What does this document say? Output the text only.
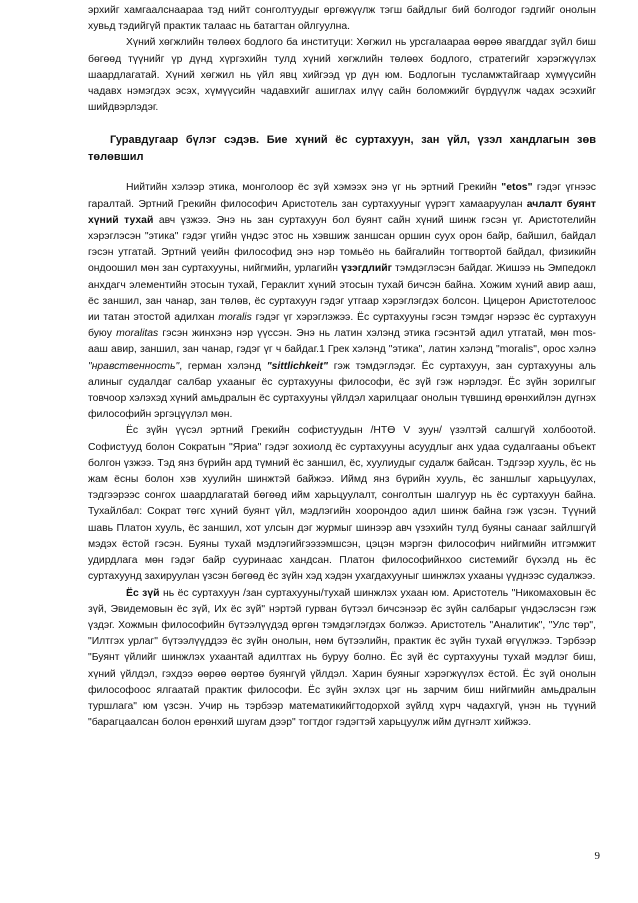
эрхийг хамгаалснаараа тэд нийт сонголтуудыг өргөжүүлж тэгш байдлыг бий болгодог гэдгийг онолын хувьд тэдийгүй практик талаас нь батагтан ойлгуулна.

Хүний хөгжлийн төлөөх бодлого ба институци: Хөгжил нь урсгалаараа өөрөө явагддаг зүйл биш бөгөөд түүнийг үр дүнд хүргэхийн тулд хүний хөгжлийн төлөөх бодлого, стратегийг хэрэгжүүлэх шаардлагатай. Хүний хөгжил нь үйл явц хийгээд үр дүн юм. Бодлогын тусламжтайгаар хүмүүсийн чадавх нэмэгдэх эсэх, хүмүүсийн чадавхийг ашиглах илүү сайн боломжийг бүрдүүлж чадах эсэхийг шийдвэрлэдэг.

Гуравдугаар бүлэг сэдэв. Бие хүний ёс суртахуун, зан үйл, үзэл хандлагын зөв төлөвшил

Нийтийн хэлээр этика, монголоор ёс зүй хэмээх энэ үг нь эртний Грекийн "etos" гэдэг үгнээс гаралтай. Эртний Грекийн философич Аристотель зан суртахууныг үүрэгт хамааруулан ачлалт буянт хүний тухай авч үзжээ. Энэ нь зан суртахуун бол буянт сайн хүний шинж гэсэн үг. Аристотелийн хэрэглэсэн "этика" гэдэг үгийн үндэс этос нь хэвшиж заншсан оршин суух орон байр, байшил, байдал гэсэн утгатай. Эртний үеийн философид энэ нэр томьёо нь байгалийн тогтвортой байдал, физикийн ондоошил мөн зан суртахууны, нийгмийн, урлагийн үзэгдлийг тэмдэглэсэн байдаг. Жишээ нь Эмпедокл анхдагч элементийн этосын тухай, Гераклит хүний этосын тухай бичсэн байна. Хожим хүний авир ааш, ёс заншил, зан чанар, зан төлөв, ёс суртахуун гэдэг утгаар хэрэглэгдэх болсон. Цицерон Аристотелоос ии татан этостой адилхан moralis гэдэг үг хэрэглэжээ. Ёс суртахууны гэсэн тэмдэг нэрээс ёс суртахуун буюу moralitas гэсэн жинхэнэ нэр үүссэн. Энэ нь латин хэлэнд этика гэсэнтэй адил утгатай, мөн mos-aaш авир, заншил, зан чанар, гэдэг үг ч байдаг.1 Грек хэлэнд "этика", латин хэлэнд "moralis", орос хэлнэ "нравственность", герман хэлэнд "sittlichkeit" гэж тэмдэглэдэг. Ёс суртахуун, зан суртахууны аль алиныг судалдаг салбар ухааныг ёс суртахууны философи, ёс зүй гэж нэрлэдэг. Ёс зүйн зорилгыг товчоор хэлэхэд хүний амьдралын ёс суртахууны үйлдэл харилцааг онолын түвшинд өрөнхийлэн дүгнэх философийн эргэцүүлэл мөн.

Ёс зүйн үүсэл эртний Грекийн софистуудын /НТӨ V зуун/ үзэлтэй салшгүй холбоотой. Софистууд болон Сократын "Яриа" гэдэг зохиолд ёс суртахууны асуудлыг анх удаа судалгааны объект болгон үзжээ. Тэд янз бүрийн ард түмний ёс заншил, ёс, хуулиудыг судалж байсан. Тэдгээр хууль, ёс нь жам ёсны болон хэв хуулийн шинжтэй байжээ. Иймд янз бүрийн хууль, ёс заншлыг харьцуулах, тэдгээрээс сонгох шаардлагатай бөгөөд ийм харьцуулалт, сонголтын шалгуур нь ёс суртахуун байна. Тухайлбал: Сократ төгс хүний буянт үйл, мэдлэгийн хоорондоо адил шинж байна гэж үзсэн. Түүний шавь Платон хууль, ёс заншил, хот улсын дэг журмыг шинээр авч үзэхийн тулд буяны санааг зайлшгүй мэдэх ёстой гэсэн. Буяны тухай мэдлэгийгээзэмшсэн, цэцэн мэргэн философич нийгмийн итгэмжит удирдлага мөн гэдэг байр сууринаас хандсан. Платон философийнхоо системийг бүхэлд нь ёс суртахуунд захируулан үзсэн бөгөөд ёс зүйн хэд хэдэн ухагдахууныг шинжлэх ухааны үүднээс судалжээ.

Ёс зүй нь ёс суртахуун /зан суртахууны/тухай шинжлэх ухаан юм. Аристотель "Никомаховын ёс зүй, Эвидемовын ёс зүй, Их ёс зүй" нэртэй гурван бүтээл бичсэнээр ёс зүйн салбарыг үндэслэсэн гэж үздэг. Хожмын философийн бүтээлүүдэд өргөн тэмдэглэгдэх болжээ. Аристотель "Аналитик", "Улс төр", "Илтгэх урлаг" бүтээлүүддээ ёс зүйн онолын, нөм бүтээлийн, практик ёс зүйн тухай өгүүлжээ. Тэрбээр "Буянт үйлийг шинжлэх ухаантай адилтгах нь буруу болно. Ёс зүй ёс суртахууны тухай мэдлэг биш, хүний үйлдэл, гэхдээ өөрөө өөртөө буянгүй үйлдэл. Харин буяныг хэрэгжүүлэх ёстой. Ёс зүй онолын философоос ялгаатай практик философи. Ёс зүйн эхлэх цэг нь зарчим биш нийгмийн амьдралын туршлага" юм үзсэн. Учир нь тэрбээр математикийгтодорхой зүйлд хүрч чадахгүй, үнэн нь түүний "барагцаалсан болон ерөнхий шугам дээр" тогтдог гэдэгтэй харьцуулж ийм дүгнэлт хийжээ.

9
